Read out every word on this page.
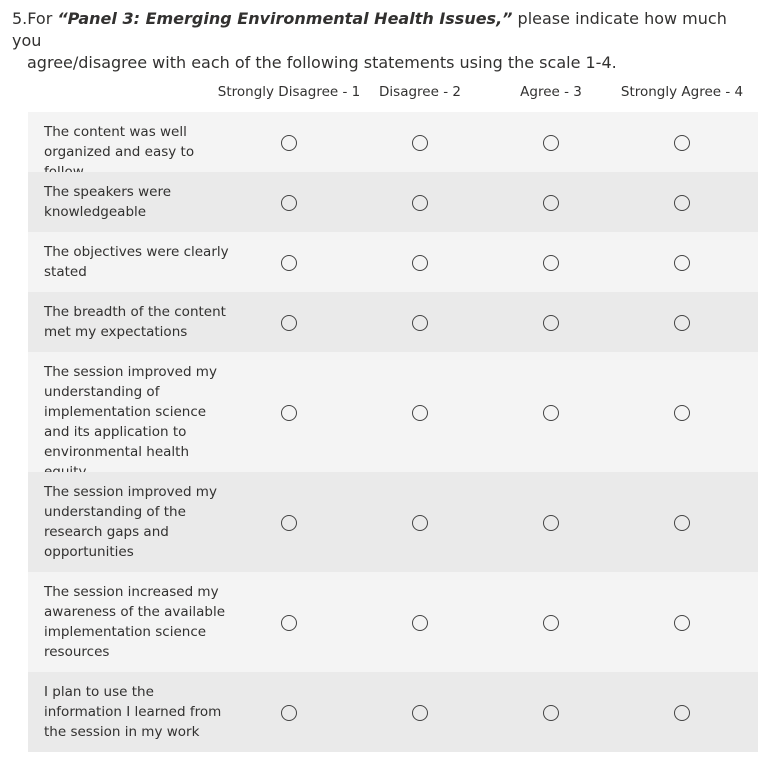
5.For “Panel 3: Emerging Environmental Health Issues,” please indicate how much you
agree/disagree with each of the following statements using the scale 1-4.
Strongly Disagree - 1 Disagree - 2	Agree - 3	Strongly Agree - 4
The content was well organized and easy to
The speakers were knowledgeable
The objectives were clearly stated
The breadth of the content met my expectations
The session improved my understanding of implementation science and its application to environmental health
The session improved my understanding of the research gaps and opportunities
The session increased my awareness of the available implementation science resources
I plan to use the information I learned from the session in my work
